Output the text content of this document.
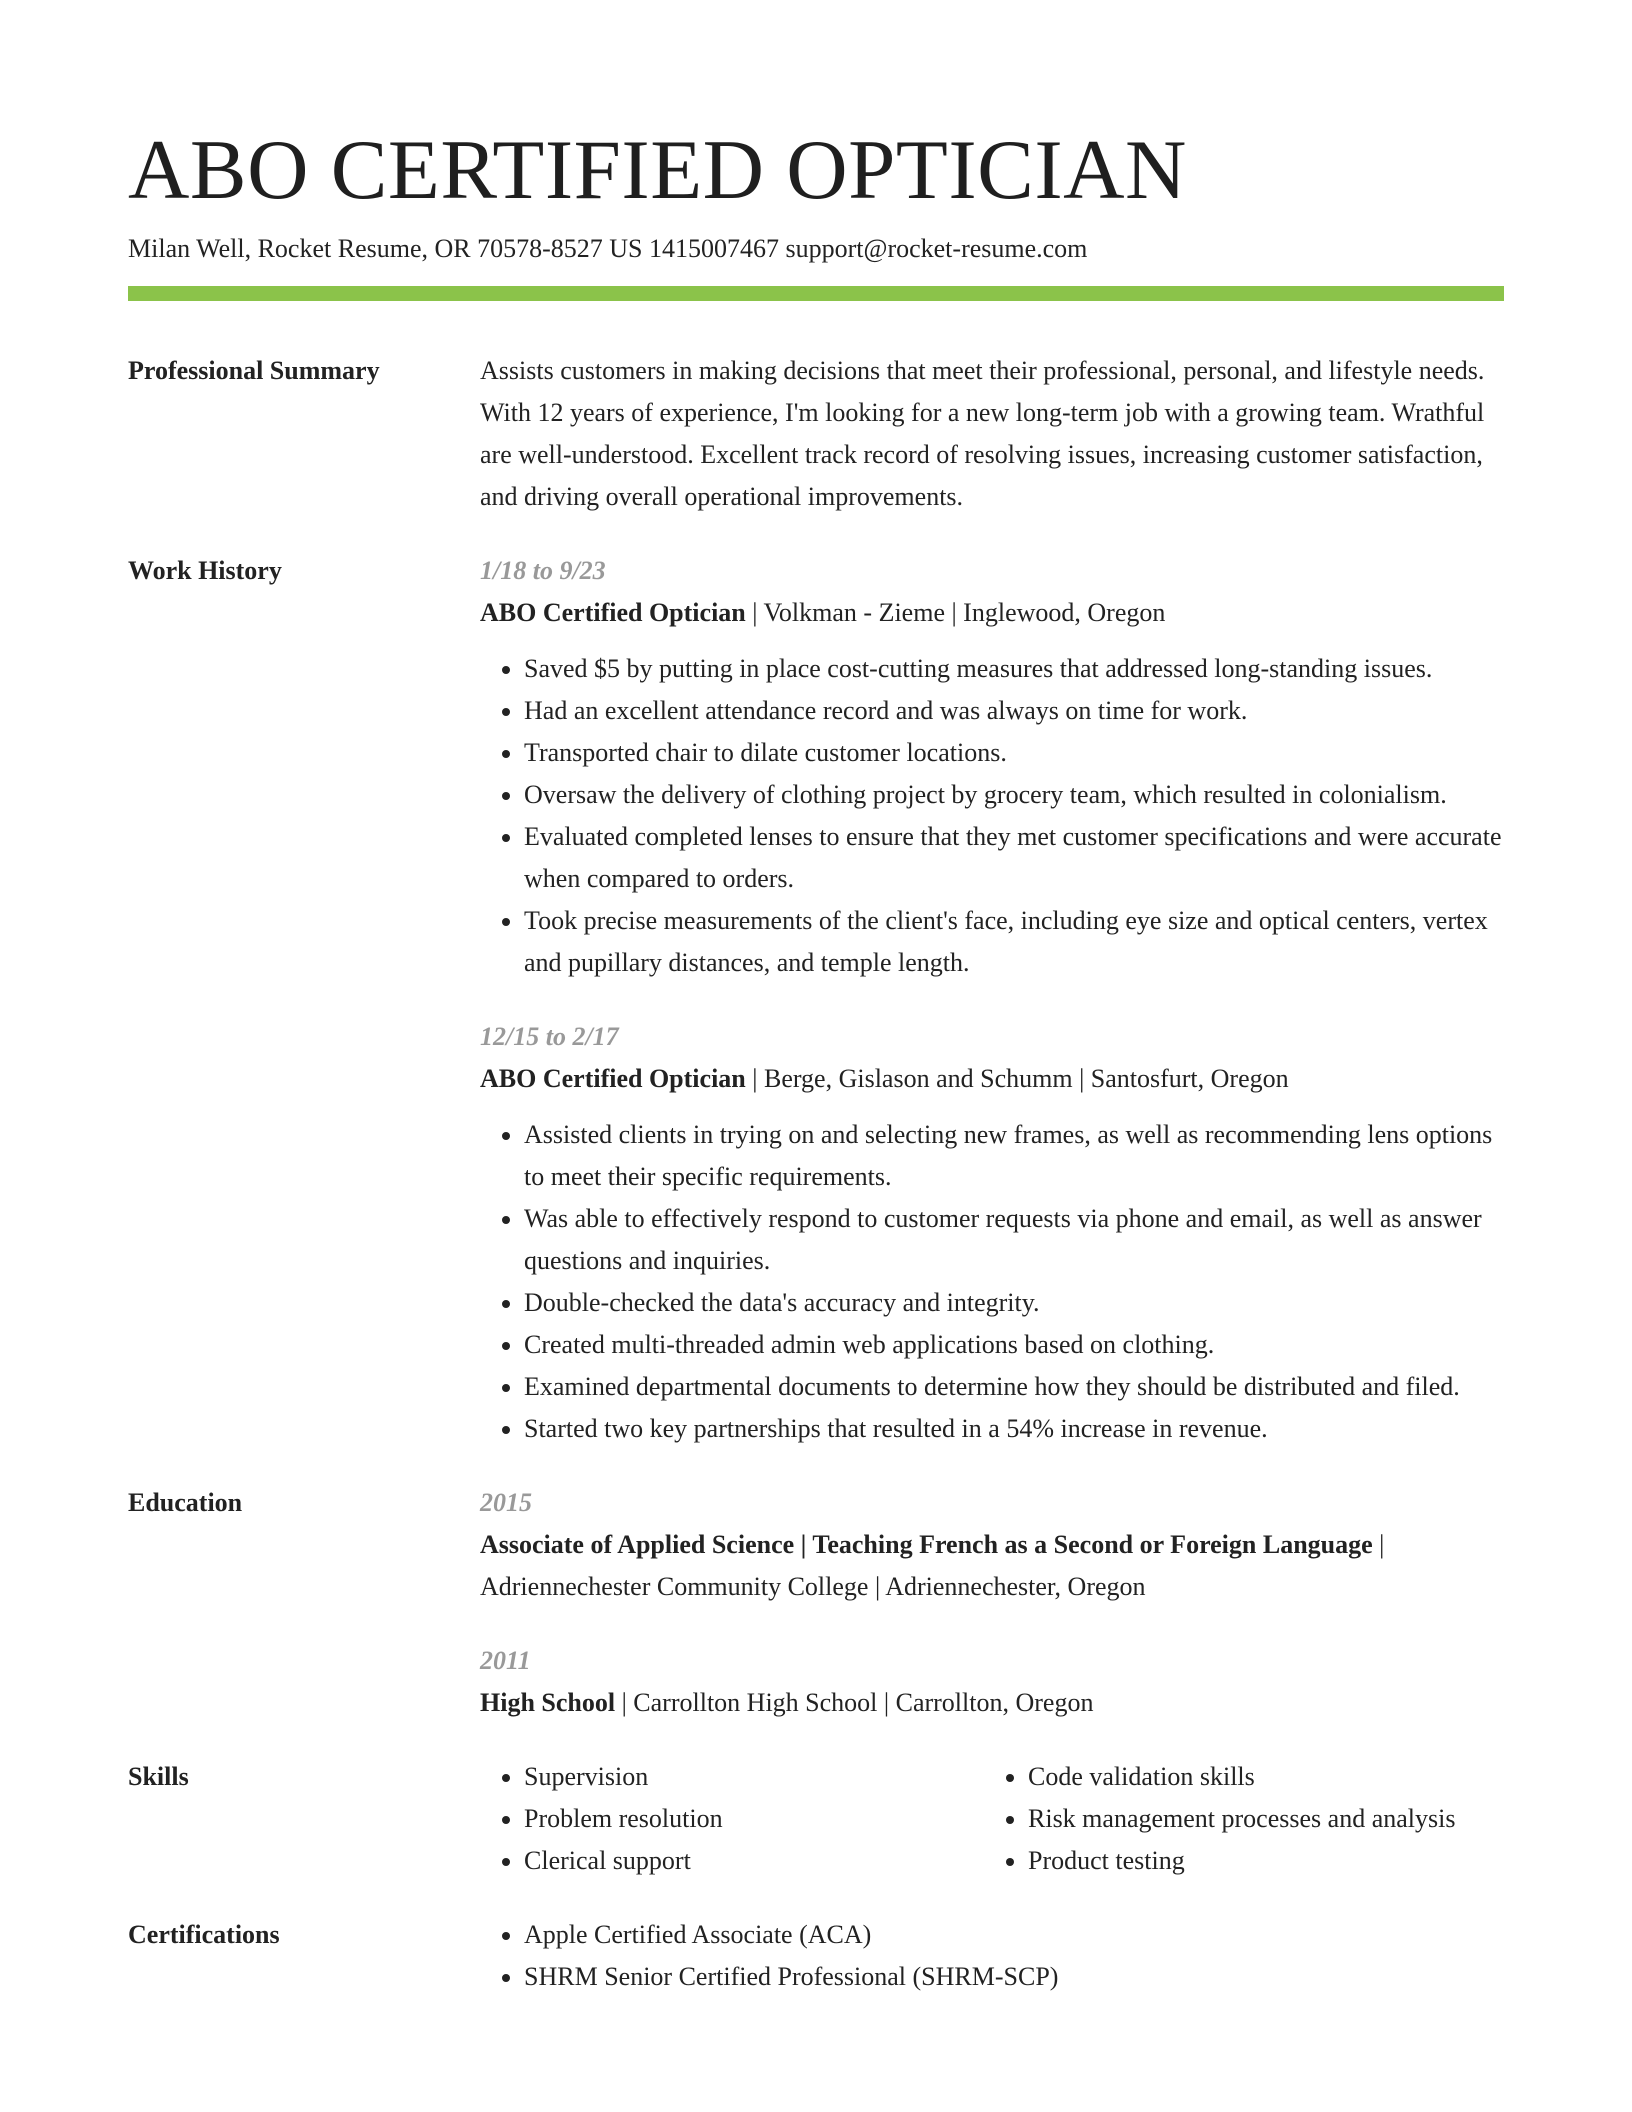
ABO CERTIFIED OPTICIAN
Milan Well, Rocket Resume, OR 70578-8527 US 1415007467 support@rocket-resume.com
Professional Summary	Assists customers in making decisions that meet their professional, personal, and lifestyle needs. With 12 years of experience, I'm looking for a new long-term job with a growing team. Wrathful are well-understood. Excellent track record of resolving issues, increasing customer satisfaction, and driving overall operational improvements.

Work History	1/18 to 9/23
ABO Certified Optician | Volkman - Zieme | Inglewood, Oregon
• Saved $5 by putting in place cost-cutting measures that addressed long-standing issues.
• Had an excellent attendance record and was always on time for work.
• Transported chair to dilate customer locations.
• Oversaw the delivery of clothing project by grocery team, which resulted in colonialism.
• Evaluated completed lenses to ensure that they met customer specifications and were accurate when compared to orders.
• Took precise measurements of the client's face, including eye size and optical centers, vertex and pupillary distances, and temple length.
12/15 to 2/17
ABO Certified Optician | Berge, Gislason and Schumm | Santosfurt, Oregon
• Assisted clients in trying on and selecting new frames, as well as recommending lens options to meet their specific requirements.
• Was able to effectively respond to customer requests via phone and email, as well as answer questions and inquiries.
• Double-checked the data's accuracy and integrity.
• Created multi-threaded admin web applications based on clothing.
• Examined departmental documents to determine how they should be distributed and filed.
• Started two key partnerships that resulted in a 54% increase in revenue.
Education	2015
Associate of Applied Science | Teaching French as a Second or Foreign Language | Adriennechester Community College | Adriennechester, Oregon
2011
High School | Carrollton High School | Carrollton, Oregon
Skills	• Supervision
• Problem resolution
• Clerical support
• Code validation skills
• Risk management processes and analysis
• Product testing
Certifications	• Apple Certified Associate (ACA)
• SHRM Senior Certified Professional (SHRM-SCP)
